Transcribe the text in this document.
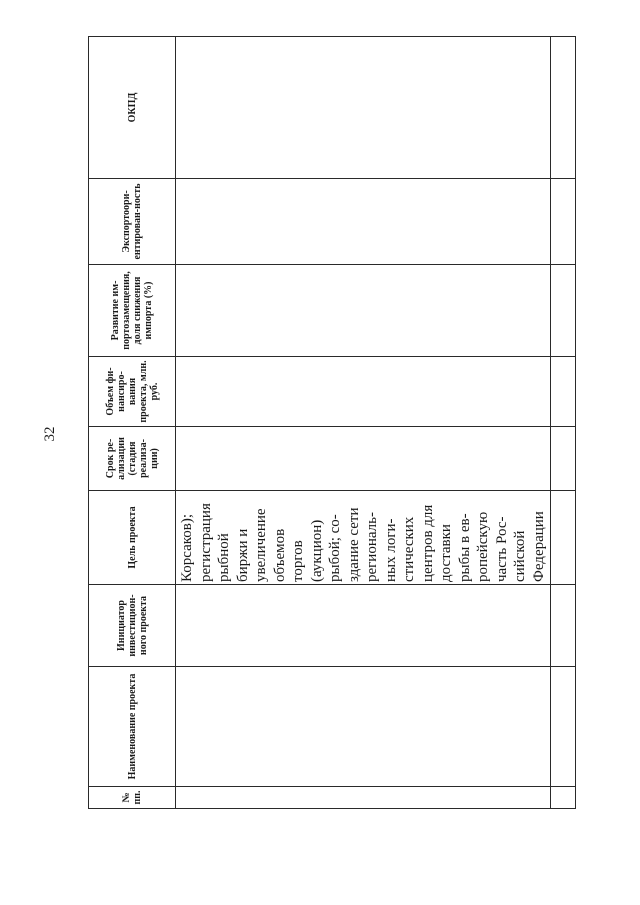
32
№ пп.	Наименование проекта	Инициатор инвестицион-ного проекта	Цель проекта	Срок ре-ализации (стадия реализа-ции)	Объем фи-нансиро-вания проекта, млн. руб.	Развитие им-портозамещения, доля снижения импорта (%)	Экспортоори-ентирован-ность	ОКПД
			Корсаков); регистрация рыбной биржи и увеличение объемов торгов (аукцион) рыбой; со-здание сети региональ-ных логи-стических центров для доставки рыбы в ев-ропейскую часть Рос-сийской Федерации					
